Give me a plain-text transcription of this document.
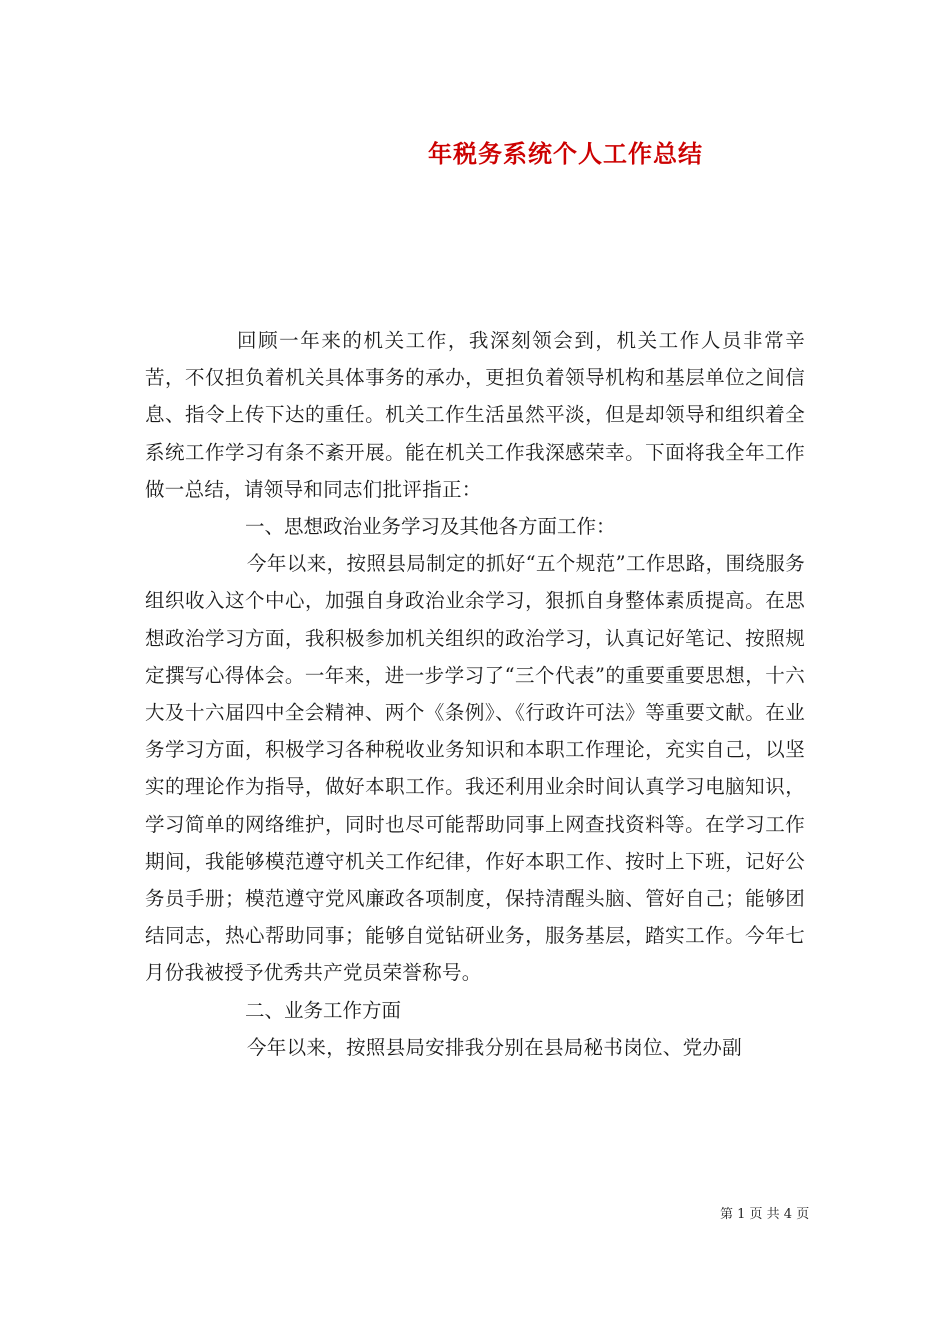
年税务系统个人工作总结

回顾一年来的机关工作，我深刻领会到，机关工作人员非常辛苦，不仅担负着机关具体事务的承办，更担负着领导机构和基层单位之间信息、指令上传下达的重任。机关工作生活虽然平淡，但是却领导和组织着全系统工作学习有条不紊开展。能在机关工作我深感荣幸。下面将我全年工作做一总结，请领导和同志们批评指正：

一、思想政治业务学习及其他各方面工作：

今年以来，按照县局制定的抓好“五个规范”工作思路，围绕服务组织收入这个中心，加强自身政治业余学习，狠抓自身整体素质提高。在思想政治学习方面，我积极参加机关组织的政治学习，认真记好笔记、按照规定撰写心得体会。一年来，进一步学习了“三个代表”的重要重要思想，十六大及十六届四中全会精神、两个《条例》、《行政许可法》等重要文献。在业务学习方面，积极学习各种税收业务知识和本职工作理论，充实自己，以坚实的理论作为指导，做好本职工作。我还利用业余时间认真学习电脑知识，学习简单的网络维护，同时也尽可能帮助同事上网查找资料等。在学习工作期间，我能够模范遵守机关工作纪律，作好本职工作、按时上下班，记好公务员手册；模范遵守党风廉政各项制度，保持清醒头脑、管好自己；能够团结同志，热心帮助同事；能够自觉钻研业务，服务基层，踏实工作。今年七月份我被授予优秀共产党员荣誉称号。

二、业务工作方面

今年以来，按照县局安排我分别在县局秘书岗位、党办副

第 1 页 共 4 页
